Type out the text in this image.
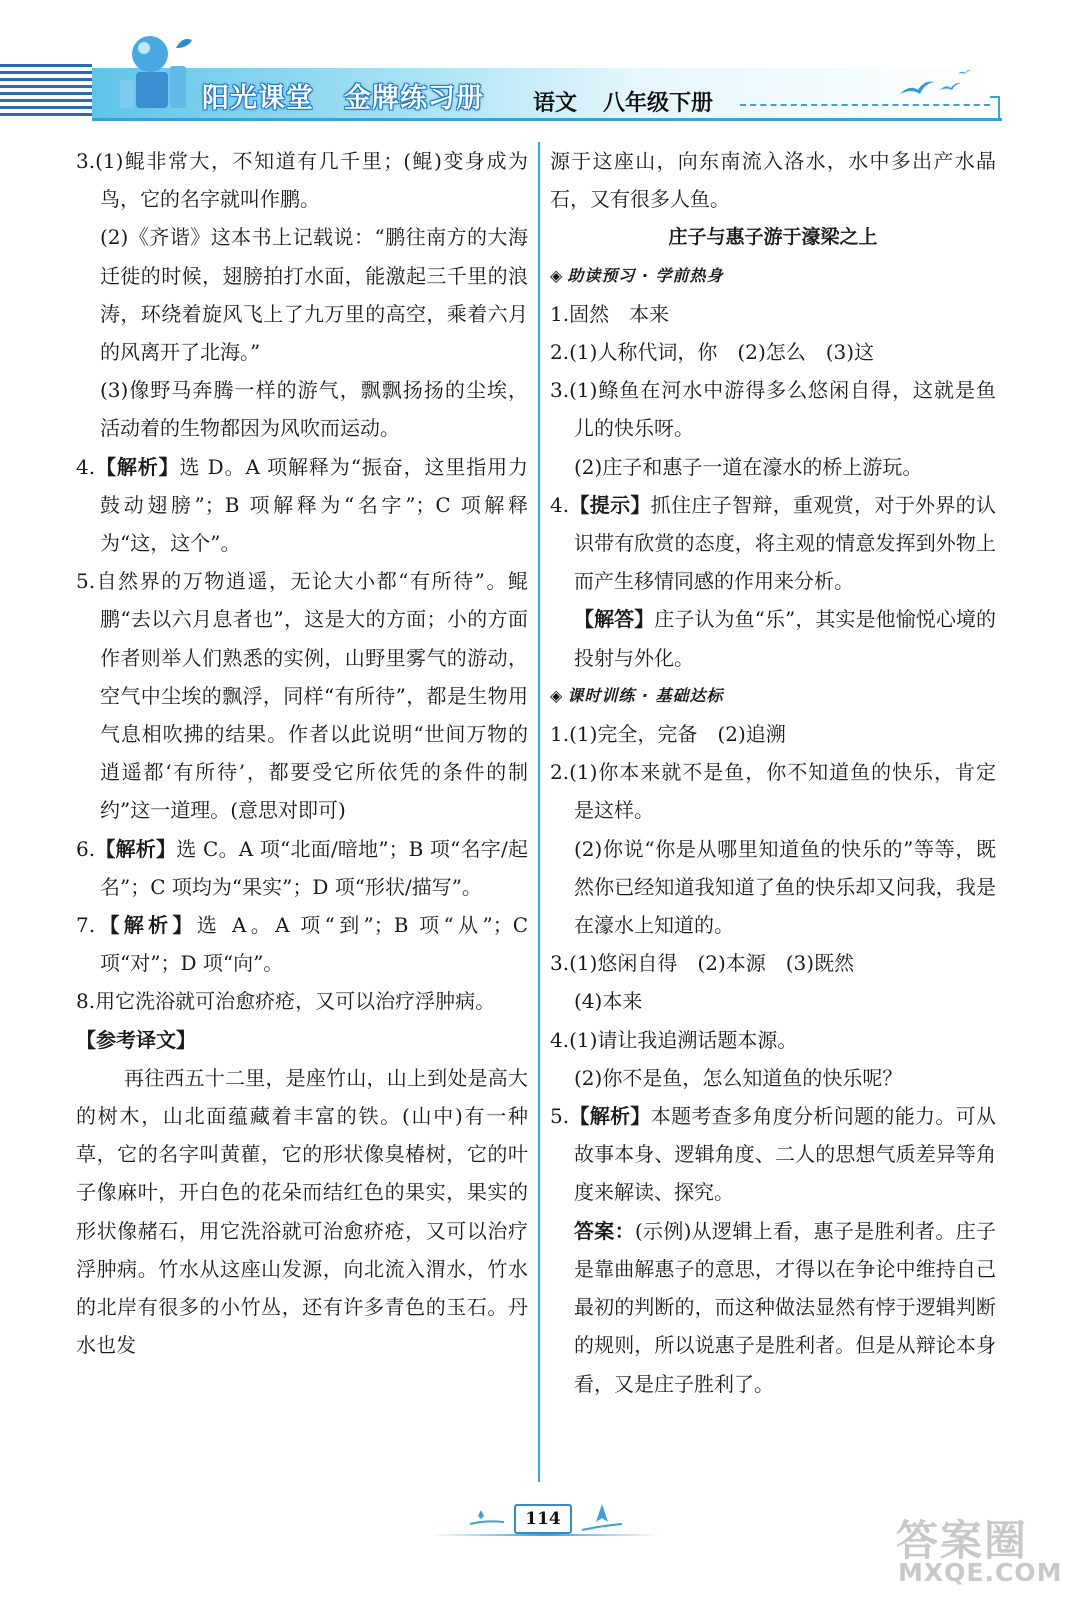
阳光课堂 金牌练习册 语文 八年级下册

3.(1)鲲非常大，不知道有几千里；(鲲)变身成为鸟，它的名字就叫作鹏。

(2)《齐谐》这本书上记载说：“鹏往南方的大海迁徙的时候，翅膀拍打水面，能激起三千里的浪涛，环绕着旋风飞上了九万里的高空，乘着六月的风离开了北海。”

(3)像野马奔腾一样的游气，飘飘扬扬的尘埃，活动着的生物都因为风吹而运动。

4.【解析】选 D。A 项解释为“振奋，这里指用力鼓动翅膀”；B 项解释为“名字”；C 项解释为“这，这个”。

5.自然界的万物逍遥，无论大小都“有所待”。鲲鹏“去以六月息者也”，这是大的方面；小的方面作者则举人们熟悉的实例，山野里雾气的游动，空气中尘埃的飘浮，同样“有所待”，都是生物用气息相吹拂的结果。作者以此说明“世间万物的逍遥都‘有所待’，都要受它所依凭的条件的制约”这一道理。(意思对即可)

6.【解析】选 C。A 项“北面/暗地”；B 项“名字/起名”；C 项均为“果实”；D 项“形状/描写”。

7.【解析】选 A。A 项“到”；B 项“从”；C 项“对”；D 项“向”。

8.用它洗浴就可治愈疥疮，又可以治疗浮肿病。

【参考译文】

再往西五十二里，是座竹山，山上到处是高大的树木，山北面蕴藏着丰富的铁。(山中)有一种草，它的名字叫黄雚，它的形状像臭椿树，它的叶子像麻叶，开白色的花朵而结红色的果实，果实的形状像赭石，用它洗浴就可治愈疥疮，又可以治疗浮肿病。竹水从这座山发源，向北流入渭水，竹水的北岸有很多的小竹丛，还有许多青色的玉石。丹水也发

源于这座山，向东南流入洛水，水中多出产水晶石，又有很多人鱼。

庄子与惠子游于濠梁之上

◈ 助读预习 · 学前热身

1.固然　本来

2.(1)人称代词，你　(2)怎么　(3)这

3.(1)鲦鱼在河水中游得多么悠闲自得，这就是鱼儿的快乐呀。

(2)庄子和惠子一道在濠水的桥上游玩。

4.【提示】抓住庄子智辩，重观赏，对于外界的认识带有欣赏的态度，将主观的情意发挥到外物上而产生移情同感的作用来分析。

【解答】庄子认为鱼“乐”，其实是他愉悦心境的投射与外化。

◈ 课时训练 · 基础达标

1.(1)完全，完备　(2)追溯

2.(1)你本来就不是鱼，你不知道鱼的快乐，肯定是这样。

(2)你说“你是从哪里知道鱼的快乐的”等等，既然你已经知道我知道了鱼的快乐却又问我，我是在濠水上知道的。

3.(1)悠闲自得　(2)本源　(3)既然

(4)本来

4.(1)请让我追溯话题本源。

(2)你不是鱼，怎么知道鱼的快乐呢？

5.【解析】本题考查多角度分析问题的能力。可从故事本身、逻辑角度、二人的思想气质差异等角度来解读、探究。

答案：(示例)从逻辑上看，惠子是胜利者。庄子是靠曲解惠子的意思，才得以在争论中维持自己最初的判断的，而这种做法显然有悖于逻辑判断的规则，所以说惠子是胜利者。但是从辩论本身看，又是庄子胜利了。

114	答案圈
MXQE.COM
